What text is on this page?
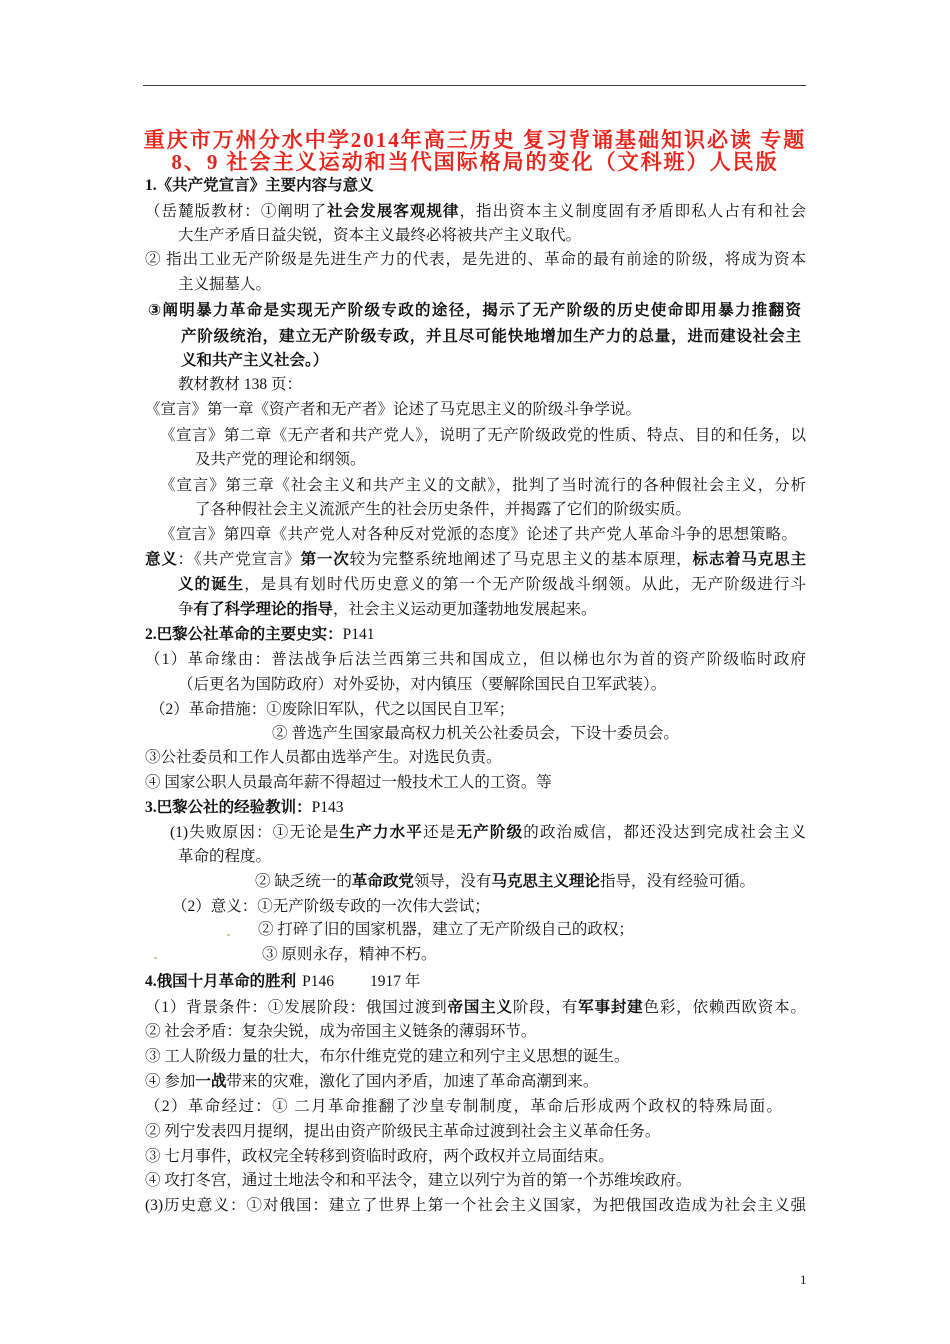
重庆市万州分水中学2014年高三历史 复习背诵基础知识必读 专题
8、9 社会主义运动和当代国际格局的变化（文科班）人民版
1.《共产党宣言》主要内容与意义
（岳麓版教材：①阐明了社会发展客观规律，指出资本主义制度固有矛盾即私人占有和社会
大生产矛盾日益尖锐，资本主义最终必将被共产主义取代。
② 指出工业无产阶级是先进生产力的代表，是先进的、革命的最有前途的阶级，将成为资本
主义掘墓人。
③阐明暴力革命是实现无产阶级专政的途径，揭示了无产阶级的历史使命即用暴力推翻资
产阶级统治，建立无产阶级专政，并且尽可能快地增加生产力的总量，进而建设社会主
义和共产主义社会。）
教材教材 138 页：
《宣言》第一章《资产者和无产者》论述了马克思主义的阶级斗争学说。
《宣言》第二章《无产者和共产党人》，说明了无产阶级政党的性质、特点、目的和任务，以
及共产党的理论和纲领。
《宣言》第三章《社会主义和共产主义的文献》，批判了当时流行的各种假社会主义，分析
了各种假社会主义流派产生的社会历史条件，并揭露了它们的阶级实质。
《宣言》第四章《共产党人对各种反对党派的态度》论述了共产党人革命斗争的思想策略。
意义：《共产党宣言》第一次较为完整系统地阐述了马克思主义的基本原理，标志着马克思主
义的诞生，是具有划时代历史意义的第一个无产阶级战斗纲领。从此，无产阶级进行斗
争有了科学理论的指导，社会主义运动更加蓬勃地发展起来。
2.巴黎公社革命的主要史实：P141
（1）革命缘由：普法战争后法兰西第三共和国成立，但以梯也尔为首的资产阶级临时政府
（后更名为国防政府）对外妥协，对内镇压（要解除国民自卫军武装）。
（2）革命措施：①废除旧军队，代之以国民自卫军；
② 普选产生国家最高权力机关公社委员会，下设十委员会。
③公社委员和工作人员都由选举产生。对选民负责。
④ 国家公职人员最高年薪不得超过一般技术工人的工资。等
3.巴黎公社的经验教训：P143
(1)失败原因：①无论是生产力水平还是无产阶级的政治威信，都还没达到完成社会主义
革命的程度。
② 缺乏统一的革命政党领导，没有马克思主义理论指导，没有经验可循。
（2）意义：①无产阶级专政的一次伟大尝试；
② 打碎了旧的国家机器，建立了无产阶级自己的政权；
③ 原则永存，精神不朽。
4.俄国十月革命的胜利 P146 1917 年
（1）背景条件：①发展阶段：俄国过渡到帝国主义阶段，有军事封建色彩，依赖西欧资本。
② 社会矛盾：复杂尖锐，成为帝国主义链条的薄弱环节。
③ 工人阶级力量的壮大，布尔什维克党的建立和列宁主义思想的诞生。
④ 参加一战带来的灾难，激化了国内矛盾，加速了革命高潮到来。
（2）革命经过：① 二月革命推翻了沙皇专制制度，革命后形成两个政权的特殊局面。
② 列宁发表四月提纲，提出由资产阶级民主革命过渡到社会主义革命任务。
③ 七月事件，政权完全转移到资临时政府，两个政权并立局面结束。
④ 攻打冬宫，通过土地法令和和平法令，建立以列宁为首的第一个苏维埃政府。
(3)历史意义：①对俄国：建立了世界上第一个社会主义国家，为把俄国改造成为社会主义强
1
